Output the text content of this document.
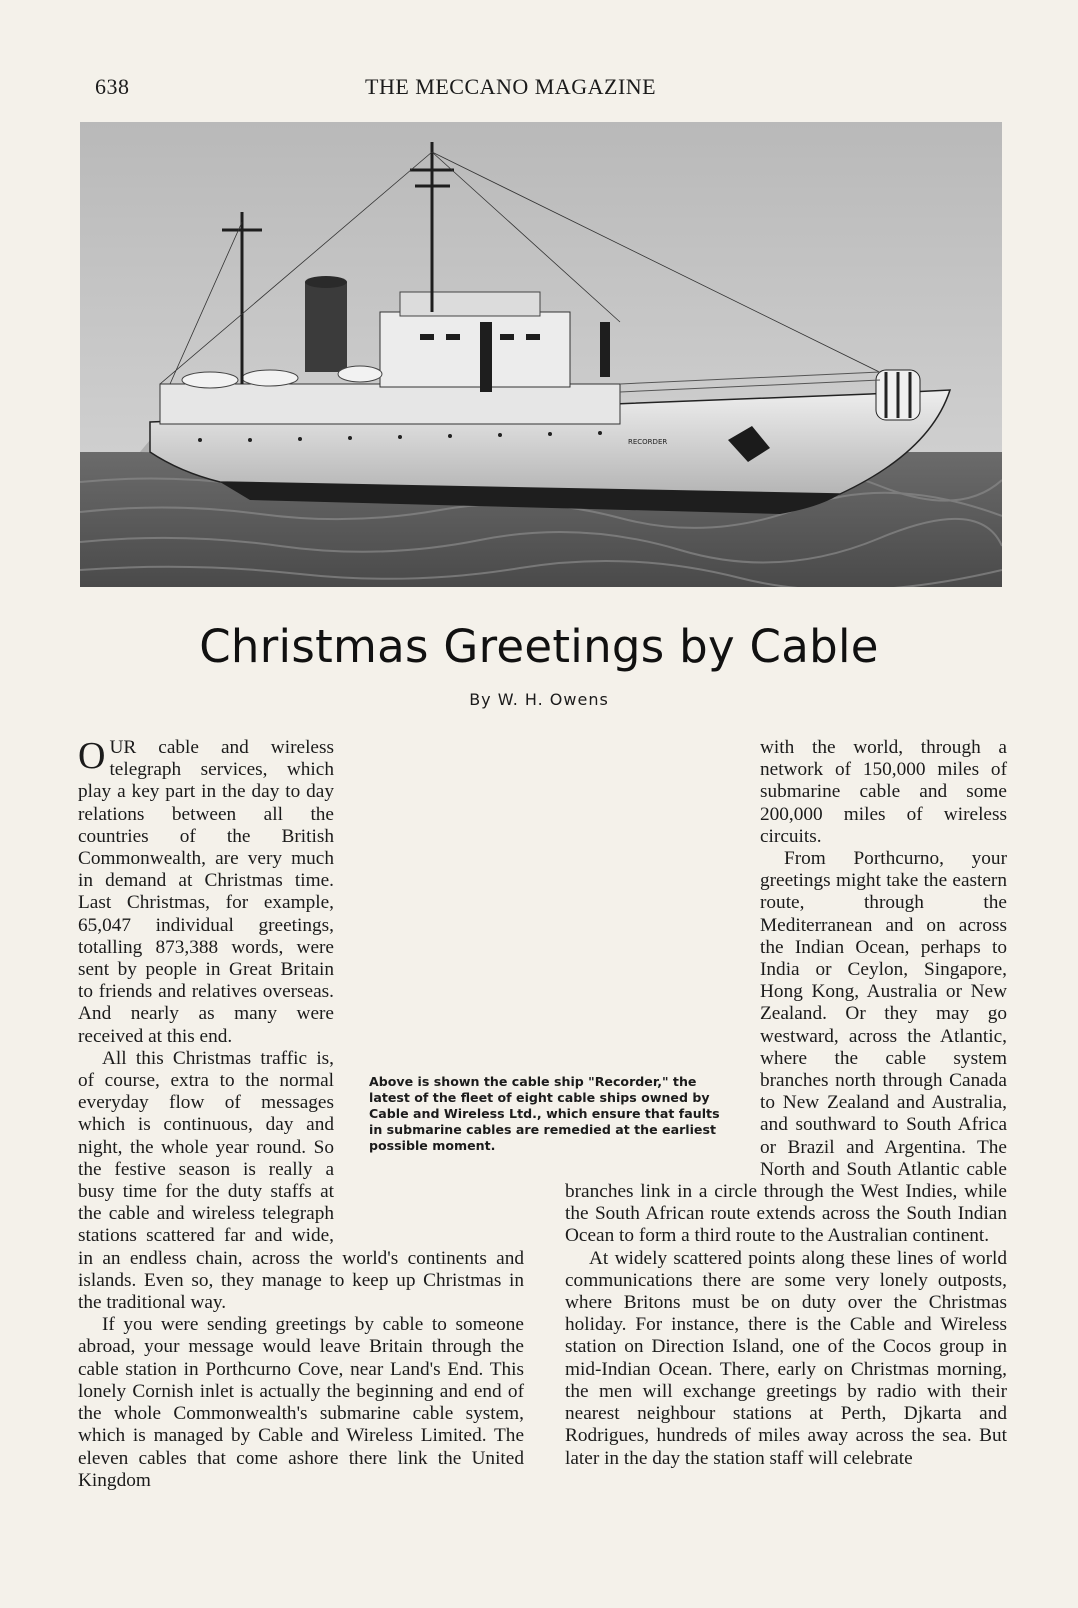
638	THE MECCANO MAGAZINE
RECORDER
Christmas Greetings by Cable
By W. H. Owens

OUR cable and wireless telegraph services, which play a key part in the day to day relations between all the countries of the British Commonwealth, are very much in demand at Christmas time. Last Christmas, for example, 65,047 individual greetings, totalling 873,388 words, were sent by people in Great Britain to friends and relatives overseas. And nearly as many were received at this end.

All this Christmas traffic is, of course, extra to the normal everyday flow of messages which is continuous, day and night, the whole year round. So the festive season is really a busy time for the duty staffs at the cable and wireless telegraph stations scattered far and wide, in an endless chain, across the world's continents and islands. Even so, they manage to keep up Christmas in the traditional way.

If you were sending greetings by cable to someone abroad, your message would leave Britain through the cable station in Porthcurno Cove, near Land's End. This lonely Cornish inlet is actually the beginning and end of the whole Commonwealth's submarine cable system, which is managed by Cable and Wireless Limited. The eleven cables that come ashore there link the United Kingdom

with the world, through a network of 150,000 miles of submarine cable and some 200,000 miles of wireless circuits.

From Porthcurno, your greetings might take the eastern route, through the Mediterranean and on across the Indian Ocean, perhaps to India or Ceylon, Singapore, Hong Kong, Australia or New Zealand. Or they may go westward, across the Atlantic, where the cable system branches north through Canada to New Zealand and Australia, and southward to South Africa or Brazil and Argentina. The North and South Atlantic cable branches link in a circle through the West Indies, while the South African route extends across the South Indian Ocean to form a third route to the Australian continent.

At widely scattered points along these lines of world communications there are some very lonely outposts, where Britons must be on duty over the Christmas holiday. For instance, there is the Cable and Wireless station on Direction Island, one of the Cocos group in mid-Indian Ocean. There, early on Christmas morning, the men will exchange greetings by radio with their nearest neighbour stations at Perth, Djkarta and Rodrigues, hundreds of miles away across the sea. But later in the day the station staff will celebrate

Above is shown the cable ship "Recorder," the latest of the fleet of eight cable ships owned by Cable and Wireless Ltd., which ensure that faults in submarine cables are remedied at the earliest possible moment.
